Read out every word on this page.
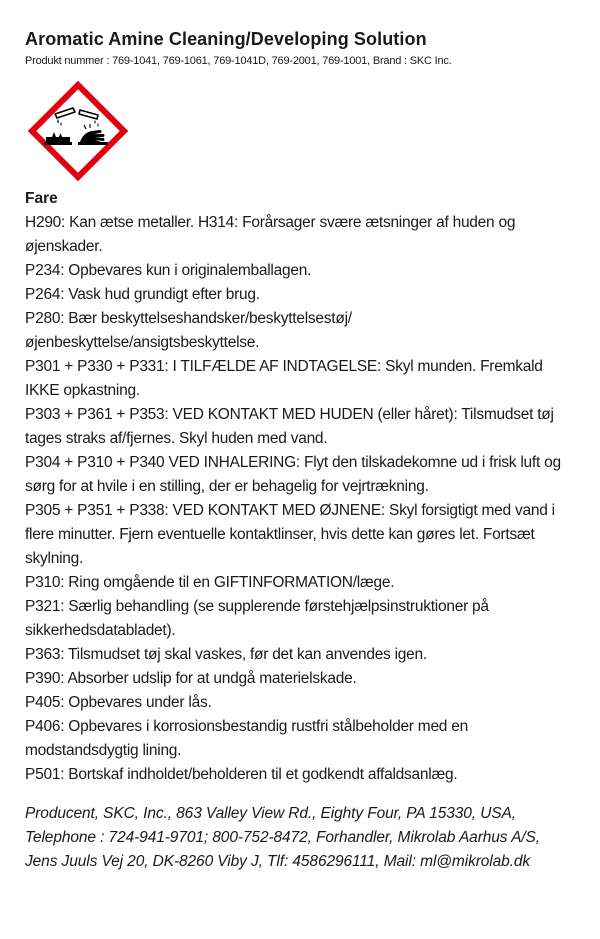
Aromatic Amine Cleaning/Developing Solution
Produkt nummer : 769-1041, 769-1061, 769-1041D, 769-2001, 769-1001, Brand : SKC Inc.
Fare

H290: Kan ætse metaller. H314: Forårsager svære ætsninger af huden og øjenskader.

P234: Opbevares kun i originalemballagen.

P264: Vask hud grundigt efter brug.

P280: Bær beskyttelseshandsker/beskyttelsestøj/ øjenbeskyttelse/ansigtsbeskyttelse.

P301 + P330 + P331: I TILFÆLDE AF INDTAGELSE: Skyl munden. Fremkald IKKE opkastning.

P303 + P361 + P353: VED KONTAKT MED HUDEN (eller håret): Tilsmudset tøj tages straks af/fjernes. Skyl huden med vand.

P304 + P310 + P340 VED INHALERING: Flyt den tilskadekomne ud i frisk luft og sørg for at hvile i en stilling, der er behagelig for vejrtrækning.

P305 + P351 + P338: VED KONTAKT MED ØJNENE: Skyl forsigtigt med vand i flere minutter. Fjern eventuelle kontaktlinser, hvis dette kan gøres let. Fortsæt skylning.

P310: Ring omgående til en GIFTINFORMATION/læge.

P321: Særlig behandling (se supplerende førstehjælpsinstruktioner på sikkerhedsdatabladet).

P363: Tilsmudset tøj skal vaskes, før det kan anvendes igen.

P390: Absorber udslip for at undgå materielskade.

P405: Opbevares under lås.

P406: Opbevares i korrosionsbestandig rustfri stålbeholder med en modstandsdygtig lining.

P501: Bortskaf indholdet/beholderen til et godkendt affaldsanlæg.

Producent, SKC, Inc., 863 Valley View Rd., Eighty Four, PA 15330, USA, Telephone : 724-941-9701; 800-752-8472, Forhandler, Mikrolab Aarhus A/S, Jens Juuls Vej 20, DK-8260 Viby J, Tlf: 4586296111, Mail: ml@mikrolab.dk
